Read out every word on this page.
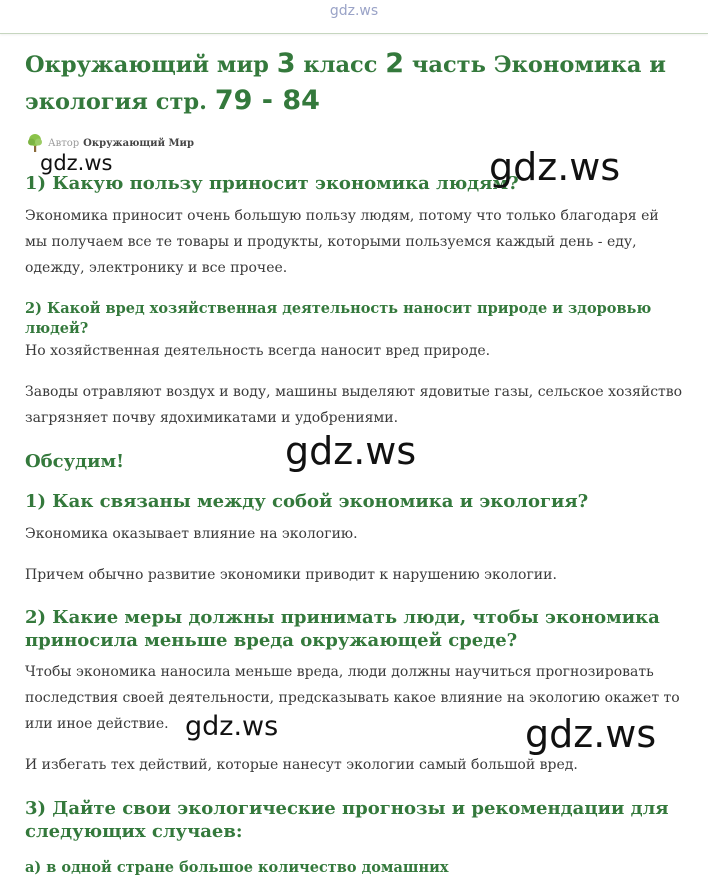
gdz.ws
Окружающий мир 3 класс 2 часть Экономика и экология стр. 79 - 84
Автор Окружающий Мир
1) Какую пользу приносит экономика людям?

Экономика приносит очень большую пользу людям, потому что только благодаря ей мы получаем все те товары и продукты, которыми пользуемся каждый день - еду, одежду, электронику и все прочее.

2) Какой вред хозяйственная деятельность наносит природе и здоровью людей?

Но хозяйственная деятельность всегда наносит вред природе.

Заводы отравляют воздух и воду, машины выделяют ядовитые газы, сельское хозяйство загрязняет почву ядохимикатами и удобрениями.

Обсудим!
1) Как связаны между собой экономика и экология?

Экономика оказывает влияние на экологию.

Причем обычно развитие экономики приводит к нарушению экологии.

2) Какие меры должны принимать люди, чтобы экономика приносила меньше вреда окружающей среде?

Чтобы экономика наносила меньше вреда, люди должны научиться прогнозировать последствия своей деятельности, предсказывать какое влияние на экологию окажет то или иное действие.

И избегать тех действий, которые нанесут экологии самый большой вред.

3) Дайте свои экологические прогнозы и рекомендации для следующих случаев:
а) в одной стране большое количество домашних
gdz.ws	gdz.ws
gdz.ws
gdz.ws	gdz.ws
